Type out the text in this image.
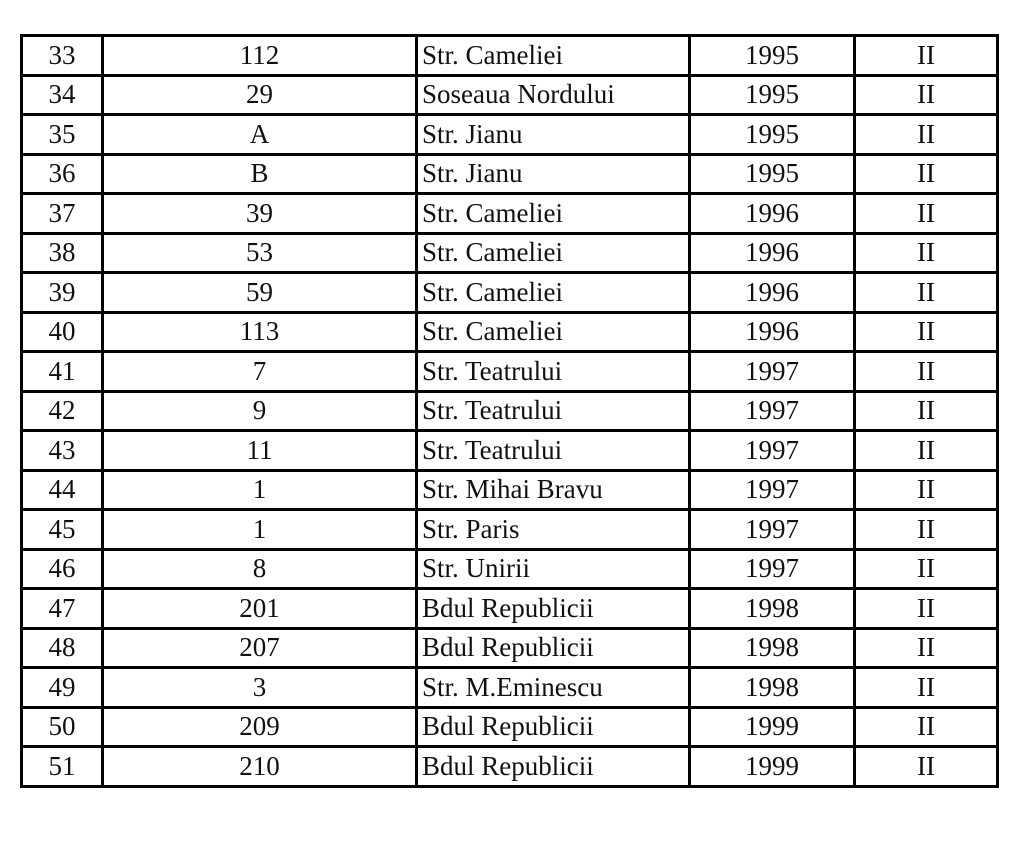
33	112	Str. Cameliei	1995	II
34	29	Soseaua Nordului	1995	II
35	A	Str. Jianu	1995	II
36	B	Str. Jianu	1995	II
37	39	Str. Cameliei	1996	II
38	53	Str. Cameliei	1996	II
39	59	Str. Cameliei	1996	II
40	113	Str. Cameliei	1996	II
41	7	Str. Teatrului	1997	II
42	9	Str. Teatrului	1997	II
43	11	Str. Teatrului	1997	II
44	1	Str. Mihai Bravu	1997	II
45	1	Str. Paris	1997	II
46	8	Str. Unirii	1997	II
47	201	Bdul Republicii	1998	II
48	207	Bdul Republicii	1998	II
49	3	Str. M.Eminescu	1998	II
50	209	Bdul Republicii	1999	II
51	210	Bdul Republicii	1999	II
